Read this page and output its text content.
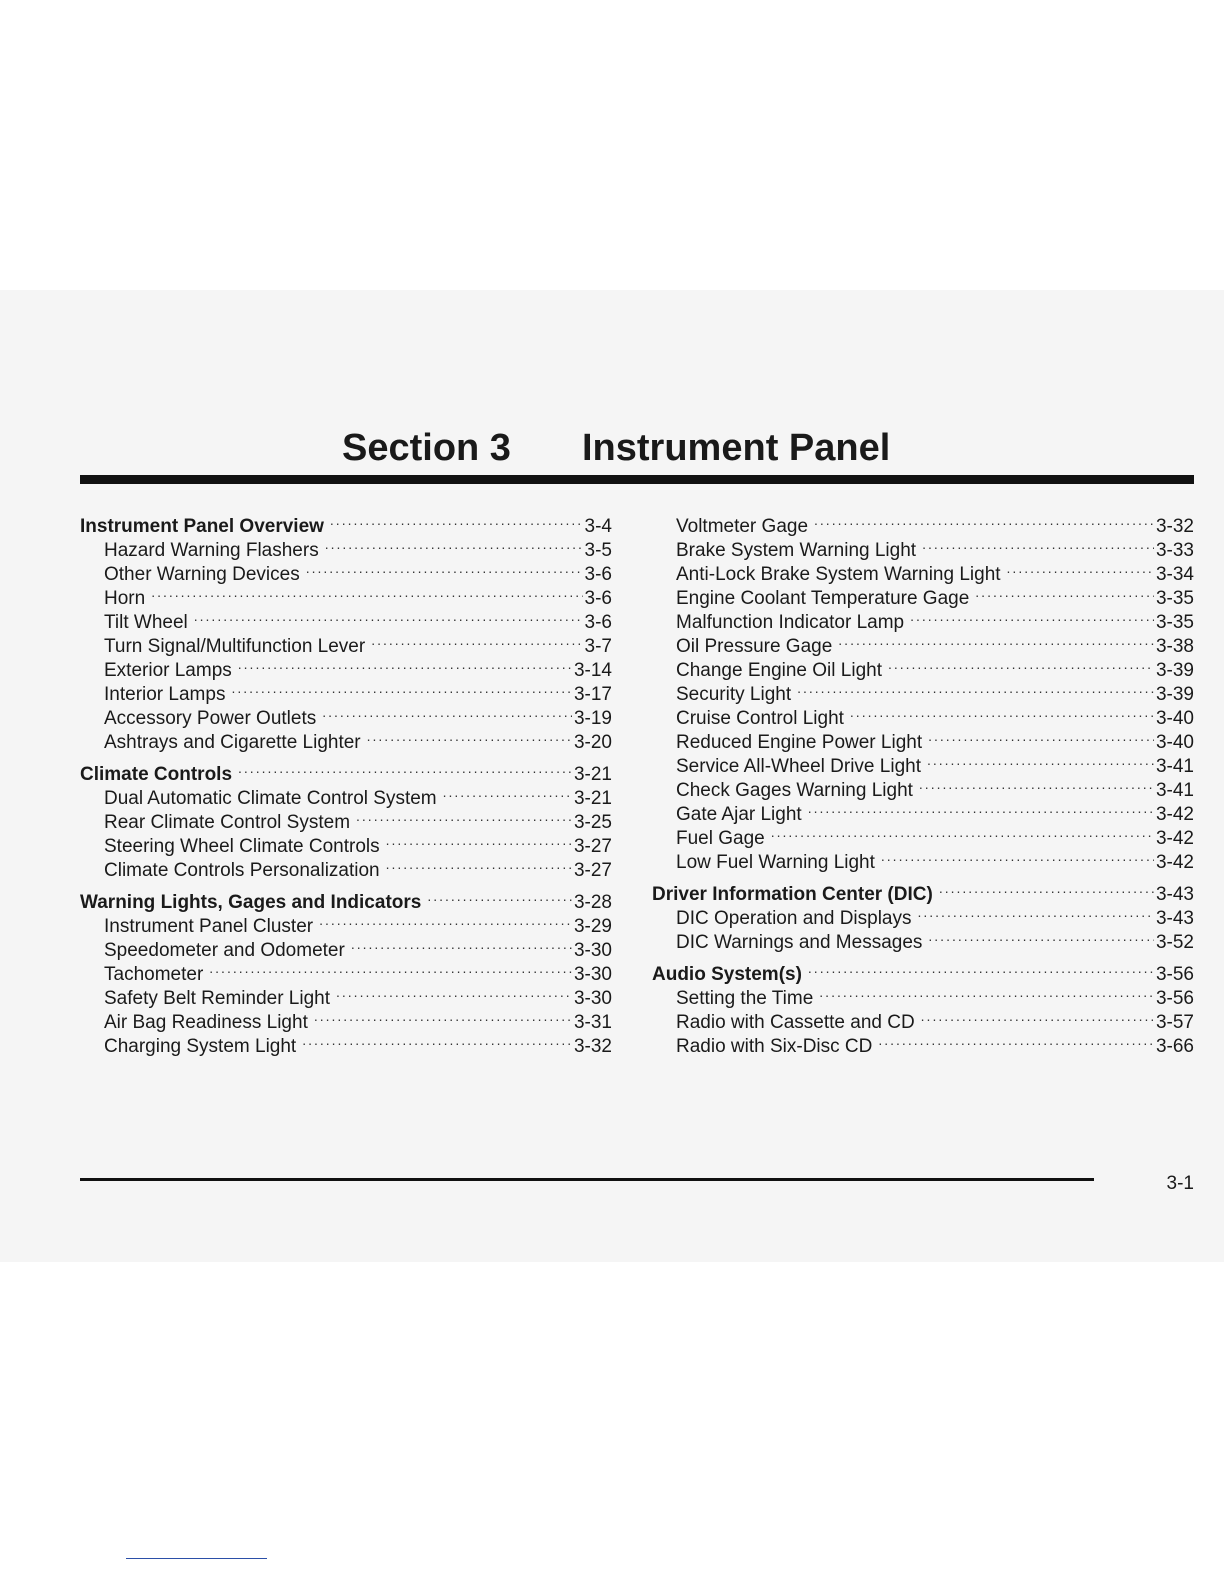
Section 3 Instrument Panel
Instrument Panel Overview .....	3-4
Hazard Warning Flashers .....	3-5
Other Warning Devices .....	3-6
Horn .....	3-6
Tilt Wheel .....	3-6
Turn Signal/Multifunction Lever .....	3-7
Exterior Lamps .....	3-14
Interior Lamps .....	3-17
Accessory Power Outlets .....	3-19
Ashtrays and Cigarette Lighter .....	3-20
Climate Controls .....	3-21
Dual Automatic Climate Control System .....	3-21
Rear Climate Control System .....	3-25
Steering Wheel Climate Controls .....	3-27
Climate Controls Personalization .....	3-27
Warning Lights, Gages and Indicators .....	3-28
Instrument Panel Cluster .....	3-29
Speedometer and Odometer .....	3-30
Tachometer .....	3-30
Safety Belt Reminder Light .....	3-30
Air Bag Readiness Light .....	3-31
Charging System Light .....	3-32
Voltmeter Gage .....	3-32
Brake System Warning Light .....	3-33
Anti-Lock Brake System Warning Light .....	3-34
Engine Coolant Temperature Gage .....	3-35
Malfunction Indicator Lamp .....	3-35
Oil Pressure Gage .....	3-38
Change Engine Oil Light .....	3-39
Security Light .....	3-39
Cruise Control Light .....	3-40
Reduced Engine Power Light .....	3-40
Service All-Wheel Drive Light .....	3-41
Check Gages Warning Light .....	3-41
Gate Ajar Light .....	3-42
Fuel Gage .....	3-42
Low Fuel Warning Light .....	3-42
Driver Information Center (DIC) .....	3-43
DIC Operation and Displays .....	3-43
DIC Warnings and Messages .....	3-52
Audio System(s) .....	3-56
Setting the Time .....	3-56
Radio with Cassette and CD .....	3-57
Radio with Six-Disc CD .....	3-66
3-1
